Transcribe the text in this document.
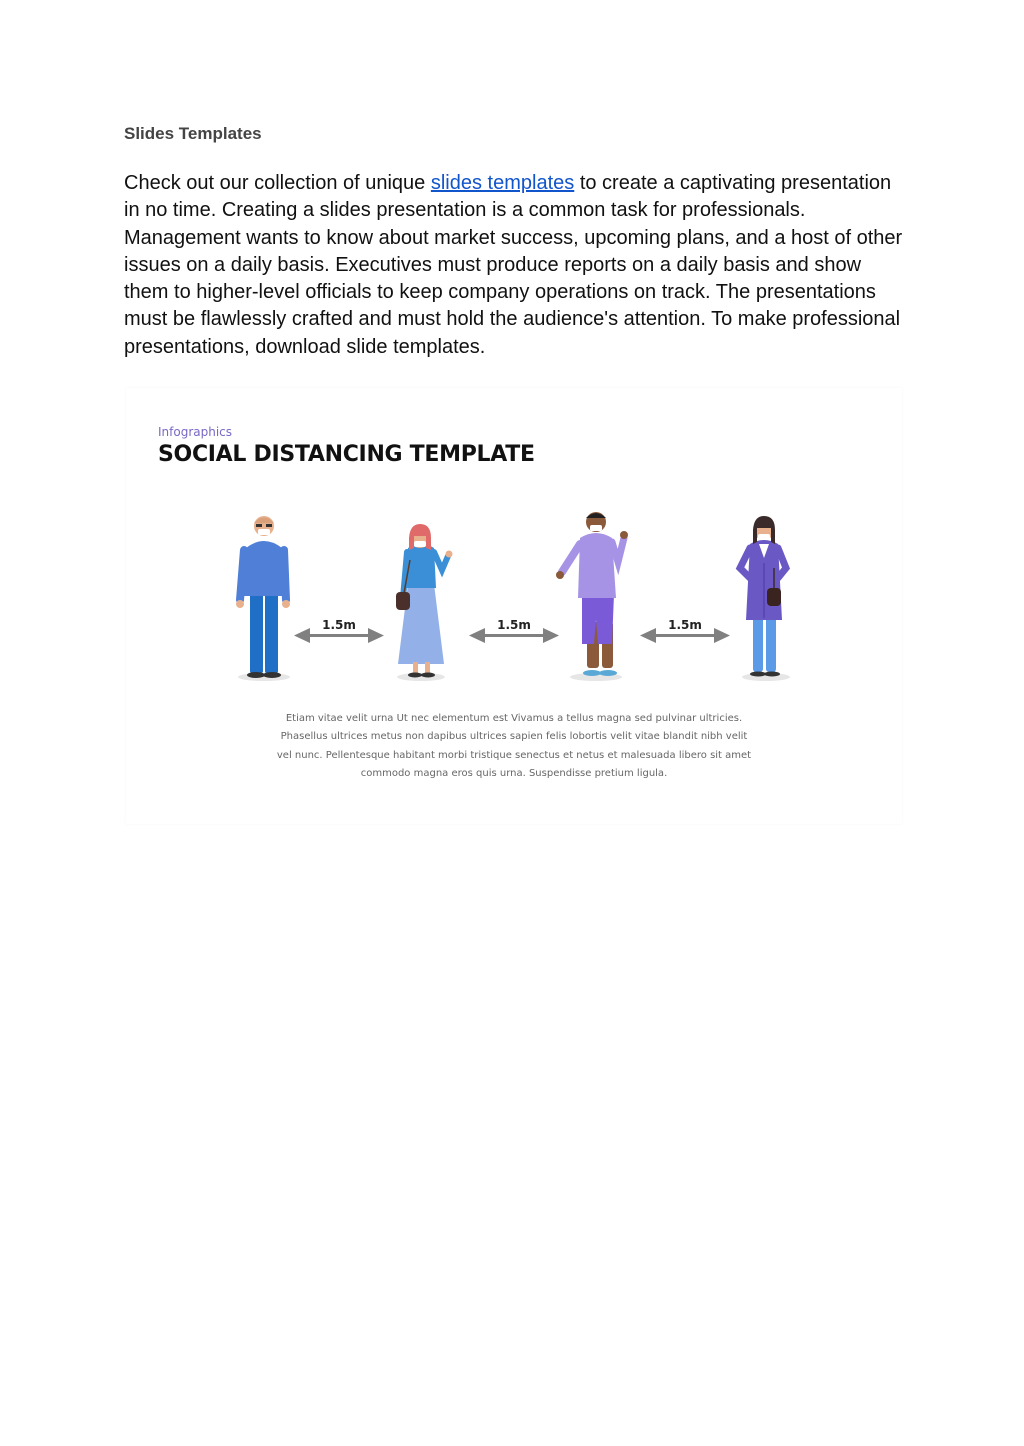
Slides Templates

Check out our collection of unique slides templates to create a captivating presentation in no time. Creating a slides presentation is a common task for professionals. Management wants to know about market success, upcoming plans, and a host of other issues on a daily basis. Executives must produce reports on a daily basis and show them to higher-level officials to keep company operations on track. The presentations must be flawlessly crafted and must hold the audience's attention. To make professional presentations, download slide templates.

Infographics
SOCIAL DISTANCING TEMPLATE
1.5m	1.5m	1.5m
Etiam vitae velit urna Ut nec elementum est Vivamus a tellus magna sed pulvinar ultricies. Phasellus ultrices metus non dapibus ultrices sapien felis lobortis velit vitae blandit nibh velit vel nunc. Pellentesque habitant morbi tristique senectus et netus et malesuada libero sit amet commodo magna eros quis urna. Suspendisse pretium ligula.
